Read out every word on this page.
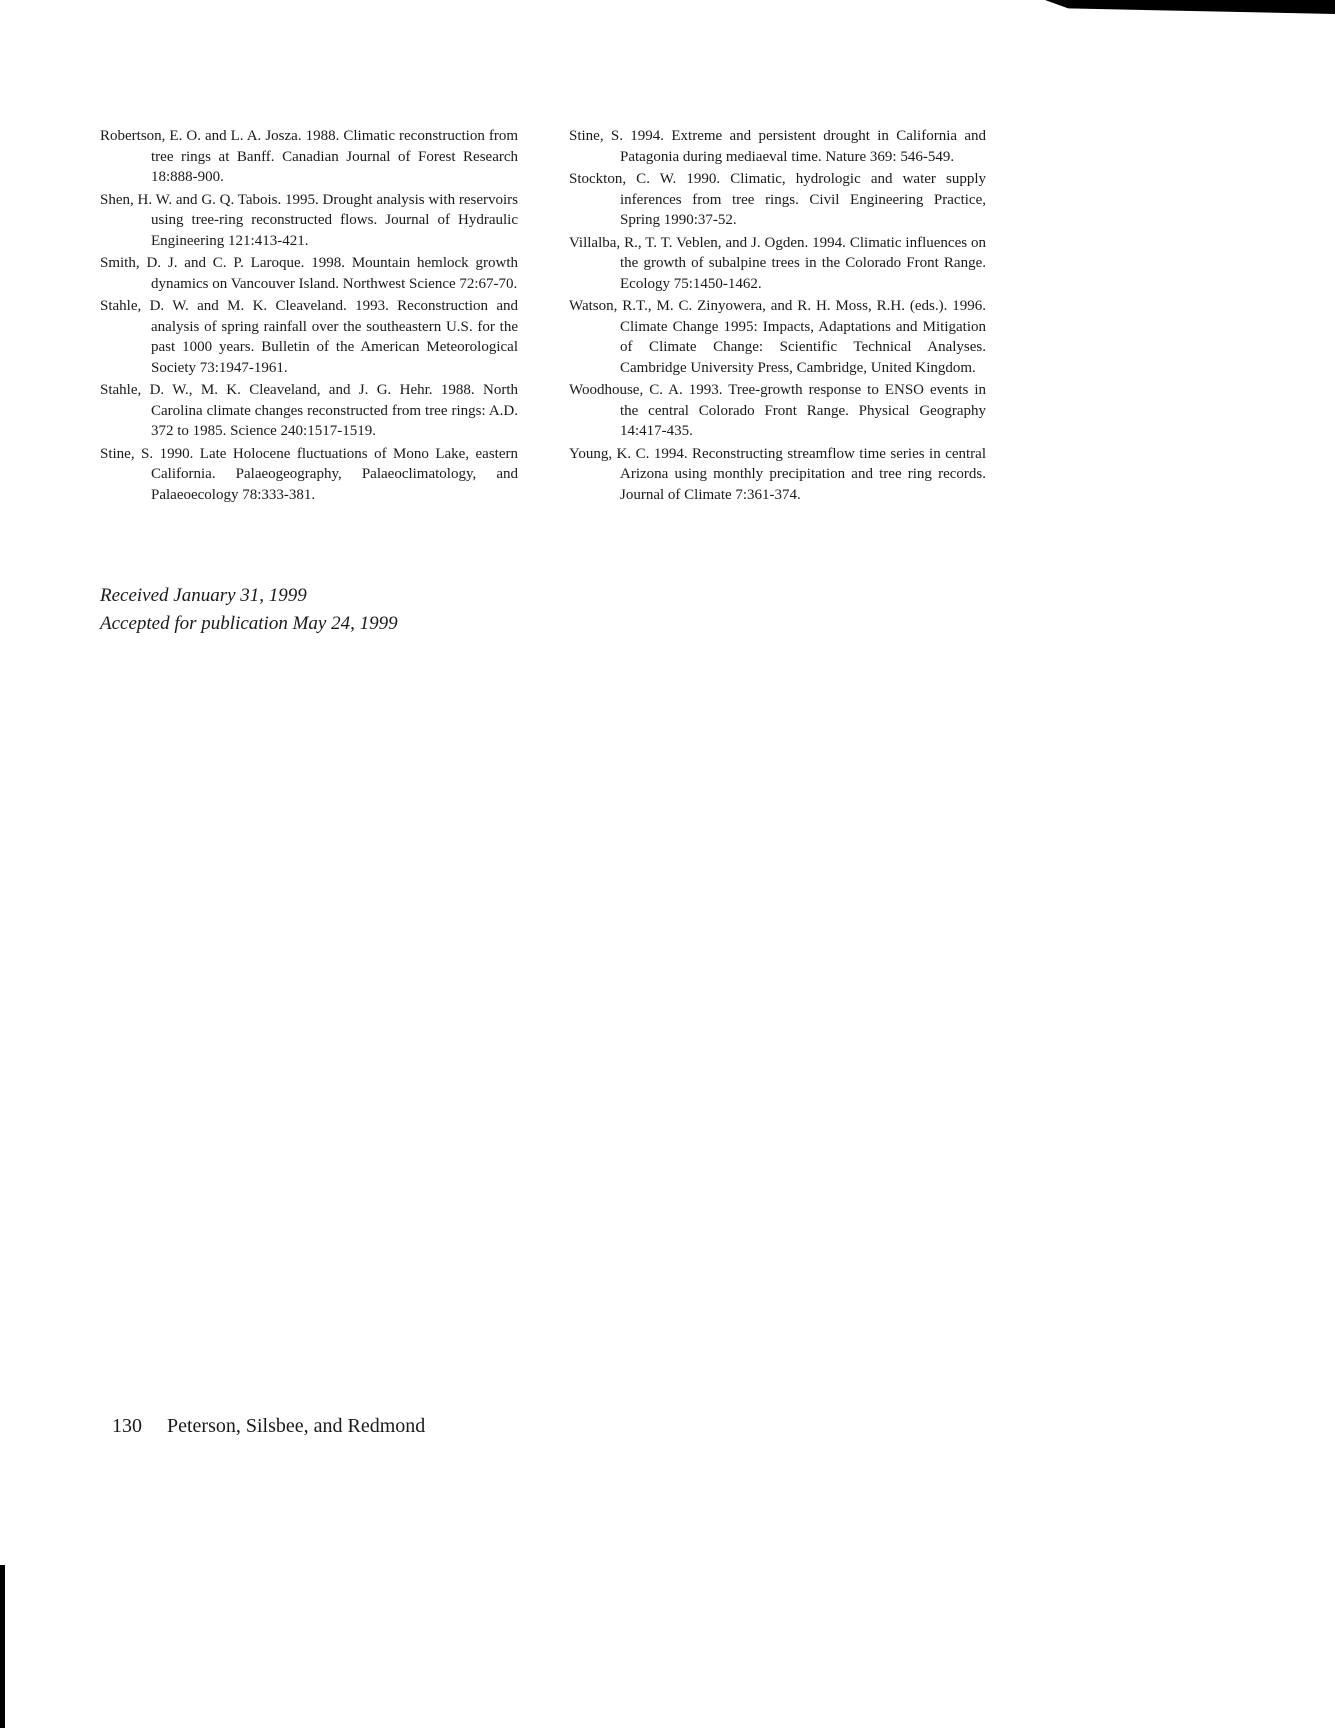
Robertson, E. O. and L. A. Josza. 1988. Climatic reconstruction from tree rings at Banff. Canadian Journal of Forest Research 18:888-900.

Shen, H. W. and G. Q. Tabois. 1995. Drought analysis with reservoirs using tree-ring reconstructed flows. Journal of Hydraulic Engineering 121:413-421.

Smith, D. J. and C. P. Laroque. 1998. Mountain hemlock growth dynamics on Vancouver Island. Northwest Science 72:67-70.

Stahle, D. W. and M. K. Cleaveland. 1993. Reconstruction and analysis of spring rainfall over the southeastern U.S. for the past 1000 years. Bulletin of the American Meteorological Society 73:1947-1961.

Stahle, D. W., M. K. Cleaveland, and J. G. Hehr. 1988. North Carolina climate changes reconstructed from tree rings: A.D. 372 to 1985. Science 240:1517-1519.

Stine, S. 1990. Late Holocene fluctuations of Mono Lake, eastern California. Palaeogeography, Palaeoclimatology, and Palaeoecology 78:333-381.

Stine, S. 1994. Extreme and persistent drought in California and Patagonia during mediaeval time. Nature 369: 546-549.

Stockton, C. W. 1990. Climatic, hydrologic and water supply inferences from tree rings. Civil Engineering Practice, Spring 1990:37-52.

Villalba, R., T. T. Veblen, and J. Ogden. 1994. Climatic influences on the growth of subalpine trees in the Colorado Front Range. Ecology 75:1450-1462.

Watson, R.T., M. C. Zinyowera, and R. H. Moss, R.H. (eds.). 1996. Climate Change 1995: Impacts, Adaptations and Mitigation of Climate Change: Scientific Technical Analyses. Cambridge University Press, Cambridge, United Kingdom.

Woodhouse, C. A. 1993. Tree-growth response to ENSO events in the central Colorado Front Range. Physical Geography 14:417-435.

Young, K. C. 1994. Reconstructing streamflow time series in central Arizona using monthly precipitation and tree ring records. Journal of Climate 7:361-374.

Received January 31, 1999
Accepted for publication May 24, 1999
130 Peterson, Silsbee, and Redmond
